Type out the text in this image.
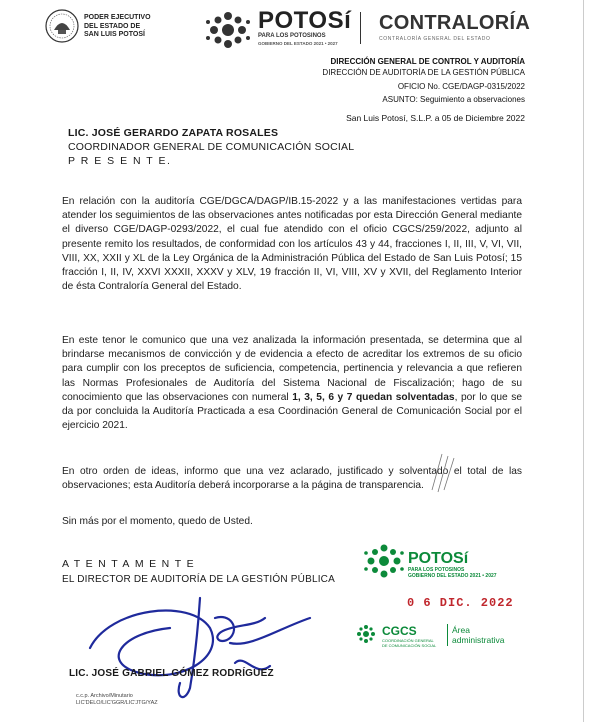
PODER EJECUTIVO
DEL ESTADO DE
SAN LUIS POTOSÍ
POTOSí
PARA LOS POTOSINOS
GOBIERNO DEL ESTADO 2021 • 2027
CONTRALORÍA
CONTRALORÍA GENERAL DEL ESTADO
DIRECCIÓN GENERAL DE CONTROL Y AUDITORÍA
DIRECCIÓN DE AUDITORÍA DE LA GESTIÓN PÚBLICA
OFICIO No. CGE/DAGP-0315/2022
ASUNTO: Seguimiento a observaciones
San Luis Potosí, S.L.P. a 05 de Diciembre 2022
LIC. JOSÉ GERARDO ZAPATA ROSALES
COORDINADOR GENERAL DE COMUNICACIÓN SOCIAL
P R E S E N T E.
En relación con la auditoría CGE/DGCA/DAGP/IB.15-2022 y a las manifestaciones vertidas para atender los seguimientos de las observaciones antes notificadas por esta Dirección General mediante el diverso CGE/DAGP-0293/2022, el cual fue atendido con el oficio CGCS/259/2022, adjunto al presente remito los resultados, de conformidad con los artículos 43 y 44, fracciones I, II, III, V, VI, VII, VIII, XX, XXII y XL de la Ley Orgánica de la Administración Pública del Estado de San Luis Potosí; 15 fracción I, II, IV, XXVI XXXII, XXXV y XLV, 19 fracción II, VI, VIII, XV y XVII, del Reglamento Interior de ésta Contraloría General del Estado.
En este tenor le comunico que una vez analizada la información presentada, se determina que al brindarse mecanismos de convicción y de evidencia a efecto de acreditar los extremos de su oficio para cumplir con los preceptos de suficiencia, competencia, pertinencia y relevancia a que refieren las Normas Profesionales de Auditoría del Sistema Nacional de Fiscalización; hago de su conocimiento que las observaciones con numeral 1, 3, 5, 6 y 7 quedan solventadas, por lo que se da por concluida la Auditoría Practicada a esa Coordinación General de Comunicación Social por el ejercicio 2021.
En otro orden de ideas, informo que una vez aclarado, justificado y solventado el total de las observaciones; esta Auditoría deberá incorporarse a la página de transparencia.
Sin más por el momento, quedo de Usted.
ATENTAMENTE
EL DIRECTOR DE AUDITORÍA DE LA GESTIÓN PÚBLICA
LIC. JOSÉ GABRIEL GÓMEZ RODRÍGUEZ
c.c.p. Archivo/Minutario
LIC'DELO/LIC'GGR/LIC'JTG/YAZ
POTOSí
PARA LOS POTOSINOS
GOBIERNO DEL ESTADO 2021 • 2027
0 6 DIC. 2022
CGCS
COORDINACIÓN GENERAL
DE COMUNICACIÓN SOCIAL
Área
administrativa
